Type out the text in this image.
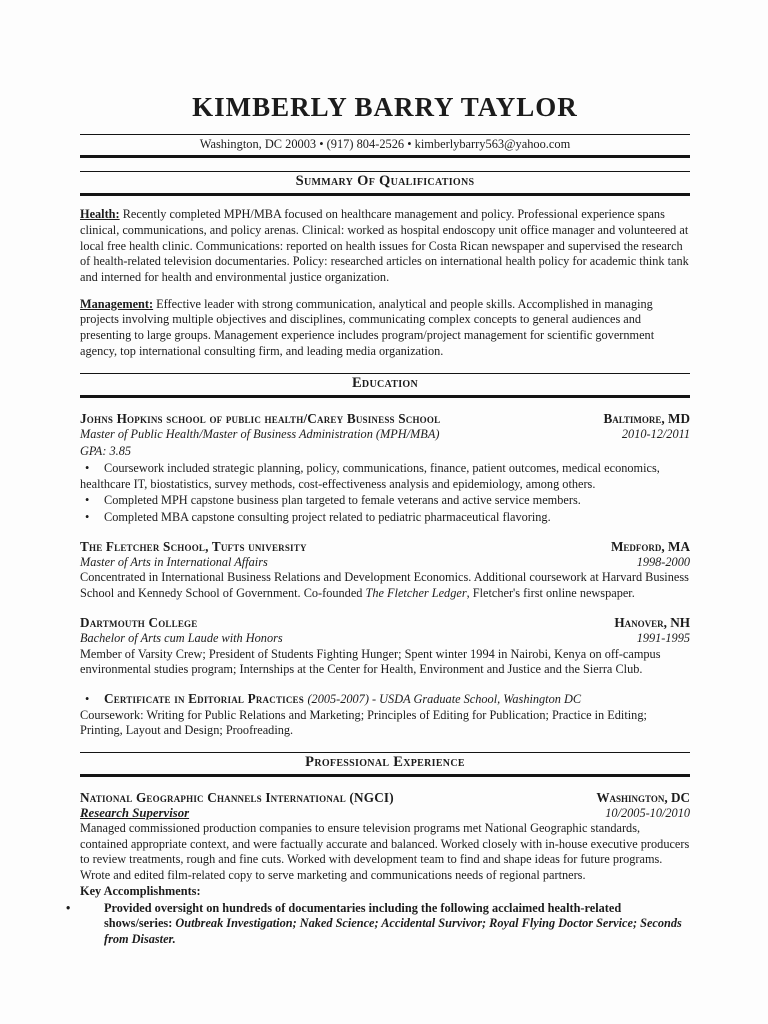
KIMBERLY BARRY TAYLOR
Washington, DC 20003 • (917) 804-2526 • kimberlybarry563@yahoo.com
Summary Of Qualifications

Health: Recently completed MPH/MBA focused on healthcare management and policy. Professional experience spans clinical, communications, and policy arenas. Clinical: worked as hospital endoscopy unit office manager and volunteered at local free health clinic. Communications: reported on health issues for Costa Rican newspaper and supervised the research of health-related television documentaries. Policy: researched articles on international health policy for academic think tank and interned for health and environmental justice organization.

Management: Effective leader with strong communication, analytical and people skills. Accomplished in managing projects involving multiple objectives and disciplines, communicating complex concepts to general audiences and presenting to large groups. Management experience includes program/project management for scientific government agency, top international consulting firm, and leading media organization.

Education
Johns Hopkins school of public health/Carey Business School	Baltimore, MD
Master of Public Health/Master of Business Administration (MPH/MBA)	2010-12/2011

GPA: 3.85

• Coursework included strategic planning, policy, communications, finance, patient outcomes, medical economics, healthcare IT, biostatistics, survey methods, cost-effectiveness analysis and epidemiology, among others.

• Completed MPH capstone business plan targeted to female veterans and active service members.

• Completed MBA capstone consulting project related to pediatric pharmaceutical flavoring.

The Fletcher School, Tufts university	Medford, MA
Master of Arts in International Affairs	1998-2000

Concentrated in International Business Relations and Development Economics. Additional coursework at Harvard Business School and Kennedy School of Government. Co-founded The Fletcher Ledger, Fletcher's first online newspaper.

Dartmouth College	Hanover, NH
Bachelor of Arts cum Laude with Honors	1991-1995

Member of Varsity Crew; President of Students Fighting Hunger; Spent winter 1994 in Nairobi, Kenya on off-campus environmental studies program; Internships at the Center for Health, Environment and Justice and the Sierra Club.

• Certificate in Editorial Practices (2005-2007) - USDA Graduate School, Washington DC

Coursework: Writing for Public Relations and Marketing; Principles of Editing for Publication; Practice in Editing; Printing, Layout and Design; Proofreading.

Professional Experience
National Geographic Channels International (NGCI)	Washington, DC
Research Supervisor	10/2005-10/2010

Managed commissioned production companies to ensure television programs met National Geographic standards, contained appropriate context, and were factually accurate and balanced. Worked closely with in-house executive producers to review treatments, rough and fine cuts. Worked with development team to find and shape ideas for future programs. Wrote and edited film-related copy to serve marketing and communications needs of regional partners.

Key Accomplishments:

•	Provided oversight on hundreds of documentaries including the following acclaimed health-related shows/series: Outbreak Investigation; Naked Science; Accidental Survivor; Royal Flying Doctor Service; Seconds from Disaster.
